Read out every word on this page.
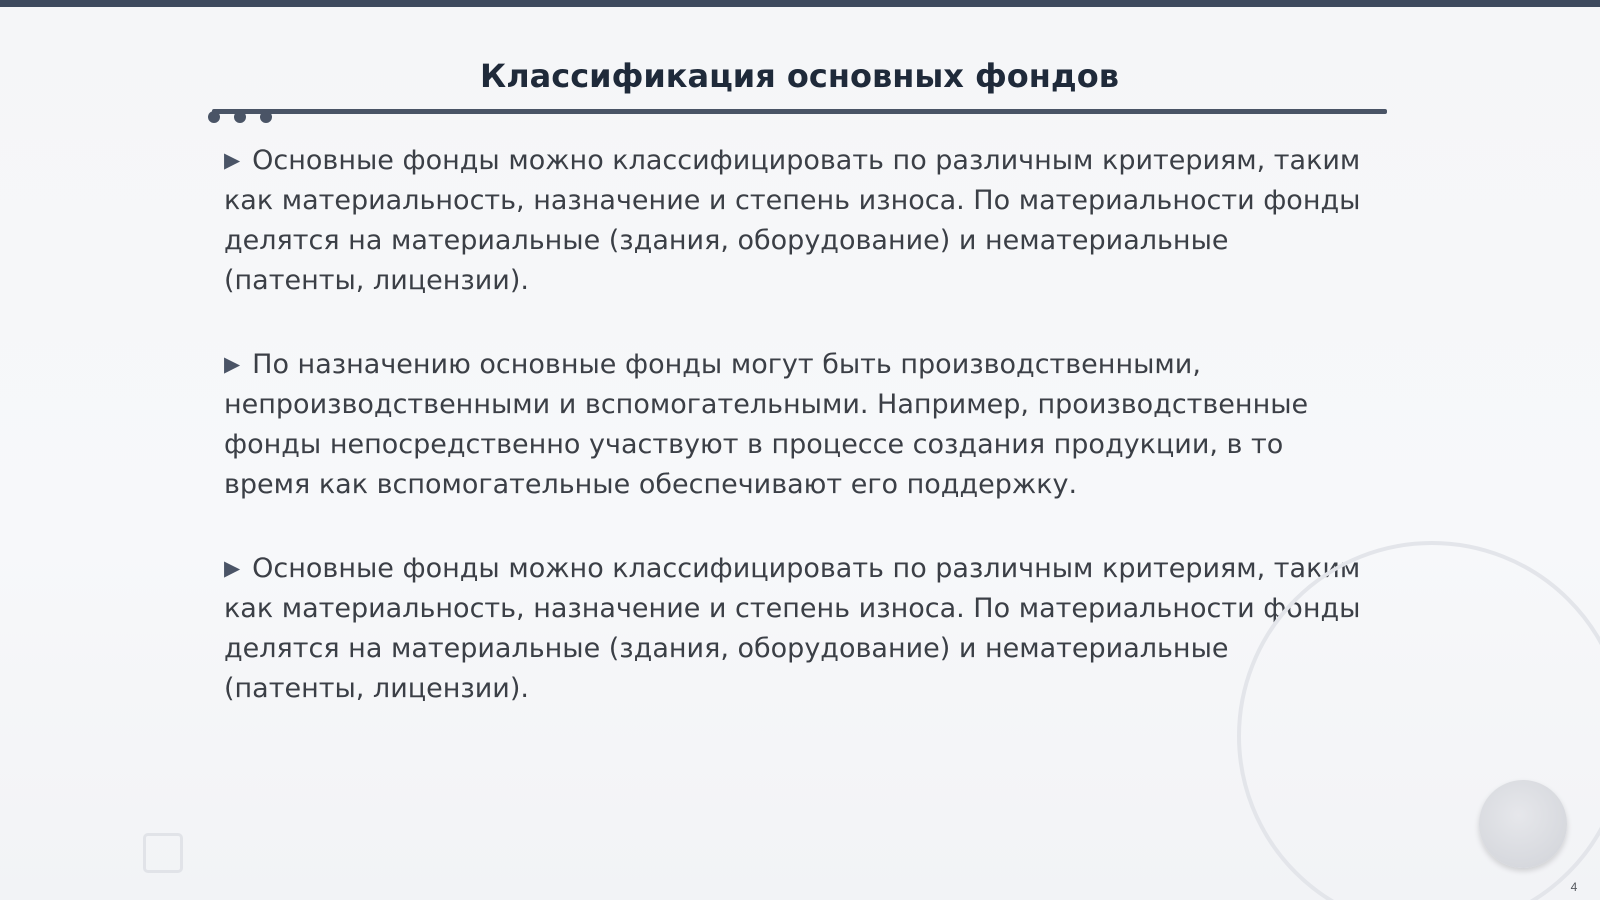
Классификация основных фондов

▶ Основные фонды можно классифицировать по различным критериям, таким как материальность, назначение и степень износа. По материальности фонды делятся на материальные (здания, оборудование) и нематериальные (патенты, лицензии).

▶ По назначению основные фонды могут быть производственными, непроизводственными и вспомогательными. Например, производственные фонды непосредственно участвуют в процессе создания продукции, в то время как вспомогательные обеспечивают его поддержку.

▶ Основные фонды можно классифицировать по различным критериям, таким как материальность, назначение и степень износа. По материальности фонды делятся на материальные (здания, оборудование) и нематериальные (патенты, лицензии).

4
